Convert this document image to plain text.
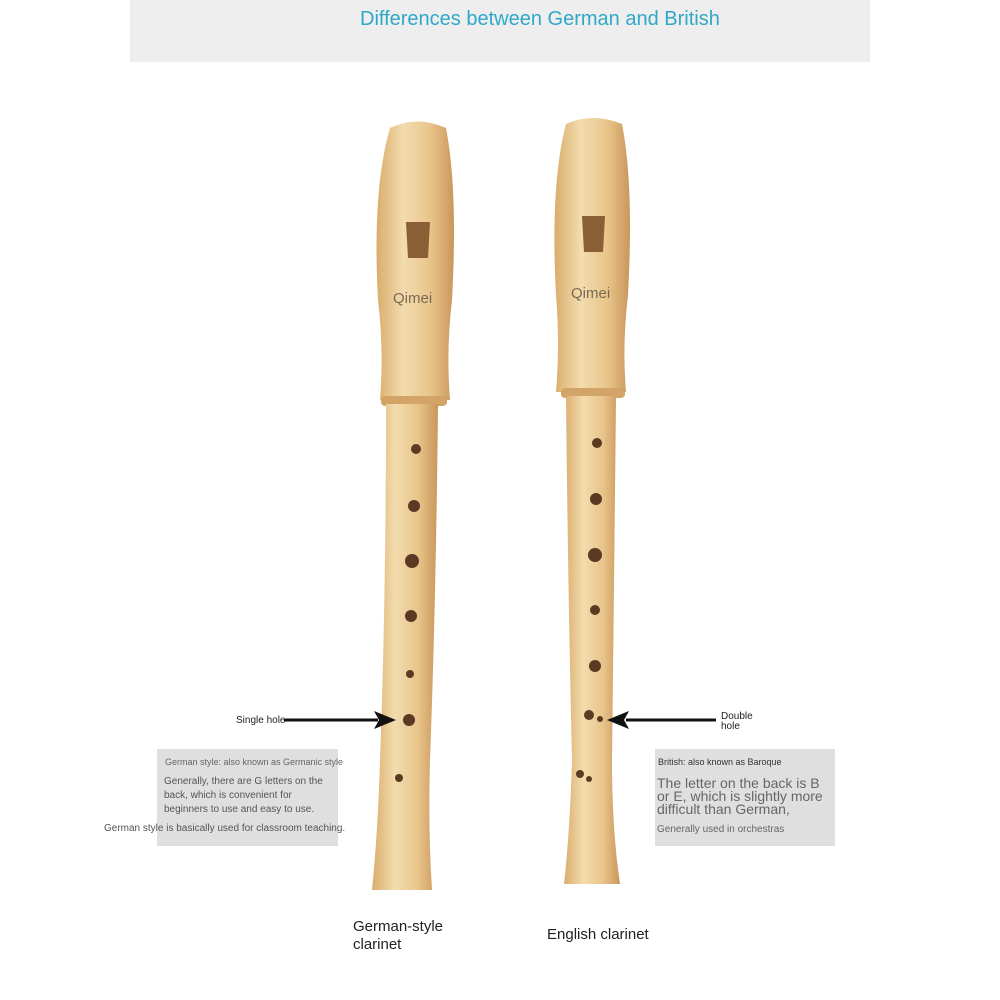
Differences between German and British
Qimei	Qimei
Single hole	Double hole
German style: also known as Germanic style
Generally, there are G letters on the back, which is convenient for beginners to use and easy to use.
German style is basically used for classroom teaching.
British: also known as Baroque
The letter on the back is B or E, which is slightly more difficult than German,
Generally used in orchestras
German-style clarinet
English clarinet
